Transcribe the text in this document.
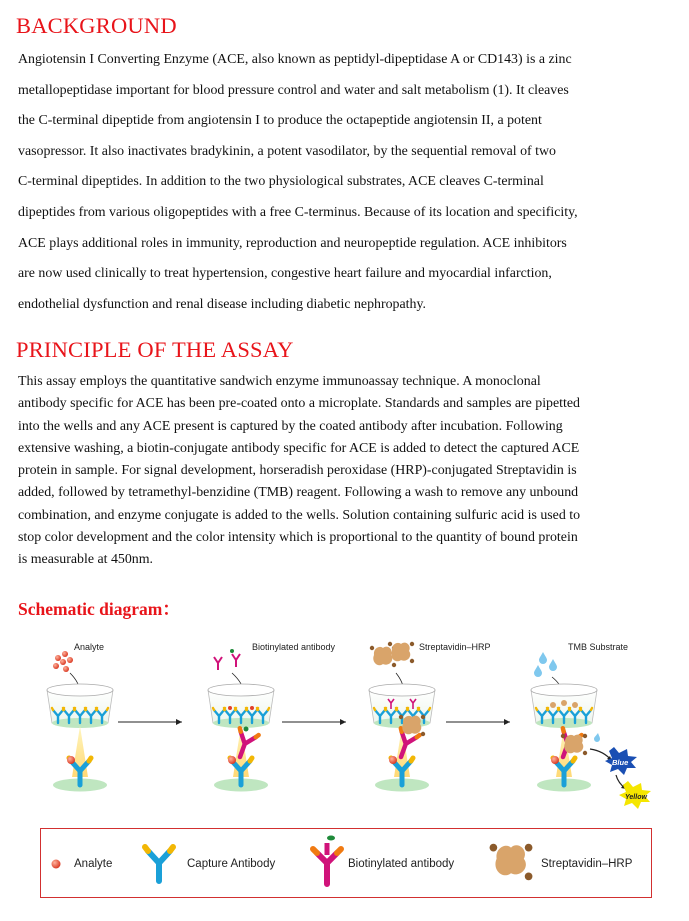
BACKGROUND
Angiotensin I Converting Enzyme (ACE, also known as peptidyl-dipeptidase A or CD143) is a zinc
metallopeptidase important for blood pressure control and water and salt metabolism (1). It cleaves
the C-terminal dipeptide from angiotensin I to produce the octapeptide angiotensin II, a potent
vasopressor. It also inactivates bradykinin, a potent vasodilator, by the sequential removal of two
C-terminal dipeptides. In addition to the two physiological substrates, ACE cleaves C-terminal
dipeptides from various oligopeptides with a free C-terminus. Because of its location and specificity,
ACE plays additional roles in immunity, reproduction and neuropeptide regulation. ACE inhibitors
are now used clinically to treat hypertension, congestive heart failure and myocardial infarction,
endothelial dysfunction and renal disease including diabetic nephropathy.
PRINCIPLE OF THE ASSAY
This assay employs the quantitative sandwich enzyme immunoassay technique. A monoclonal
antibody specific for ACE has been pre-coated onto a microplate. Standards and samples are pipetted
into the wells and any ACE present is captured by the coated antibody after incubation. Following
extensive washing, a biotin-conjugate antibody specific for ACE is added to detect the captured ACE
protein in sample. For signal development, horseradish peroxidase (HRP)-conjugated Streptavidin is
added, followed by tetramethyl-benzidine (TMB) reagent. Following a wash to remove any unbound
combination, and enzyme conjugate is added to the wells. Solution containing sulfuric acid is used to
stop color development and the color intensity which is proportional to the quantity of bound protein
is measurable at 450nm.
Schematic diagram：
Analyte	Biotinylated antibody	Streptavidin–HRP	TMB Substrate
Blue
Yellow
Analyte	Capture Antibody	Biotinylated antibody	Streptavidin–HRP
